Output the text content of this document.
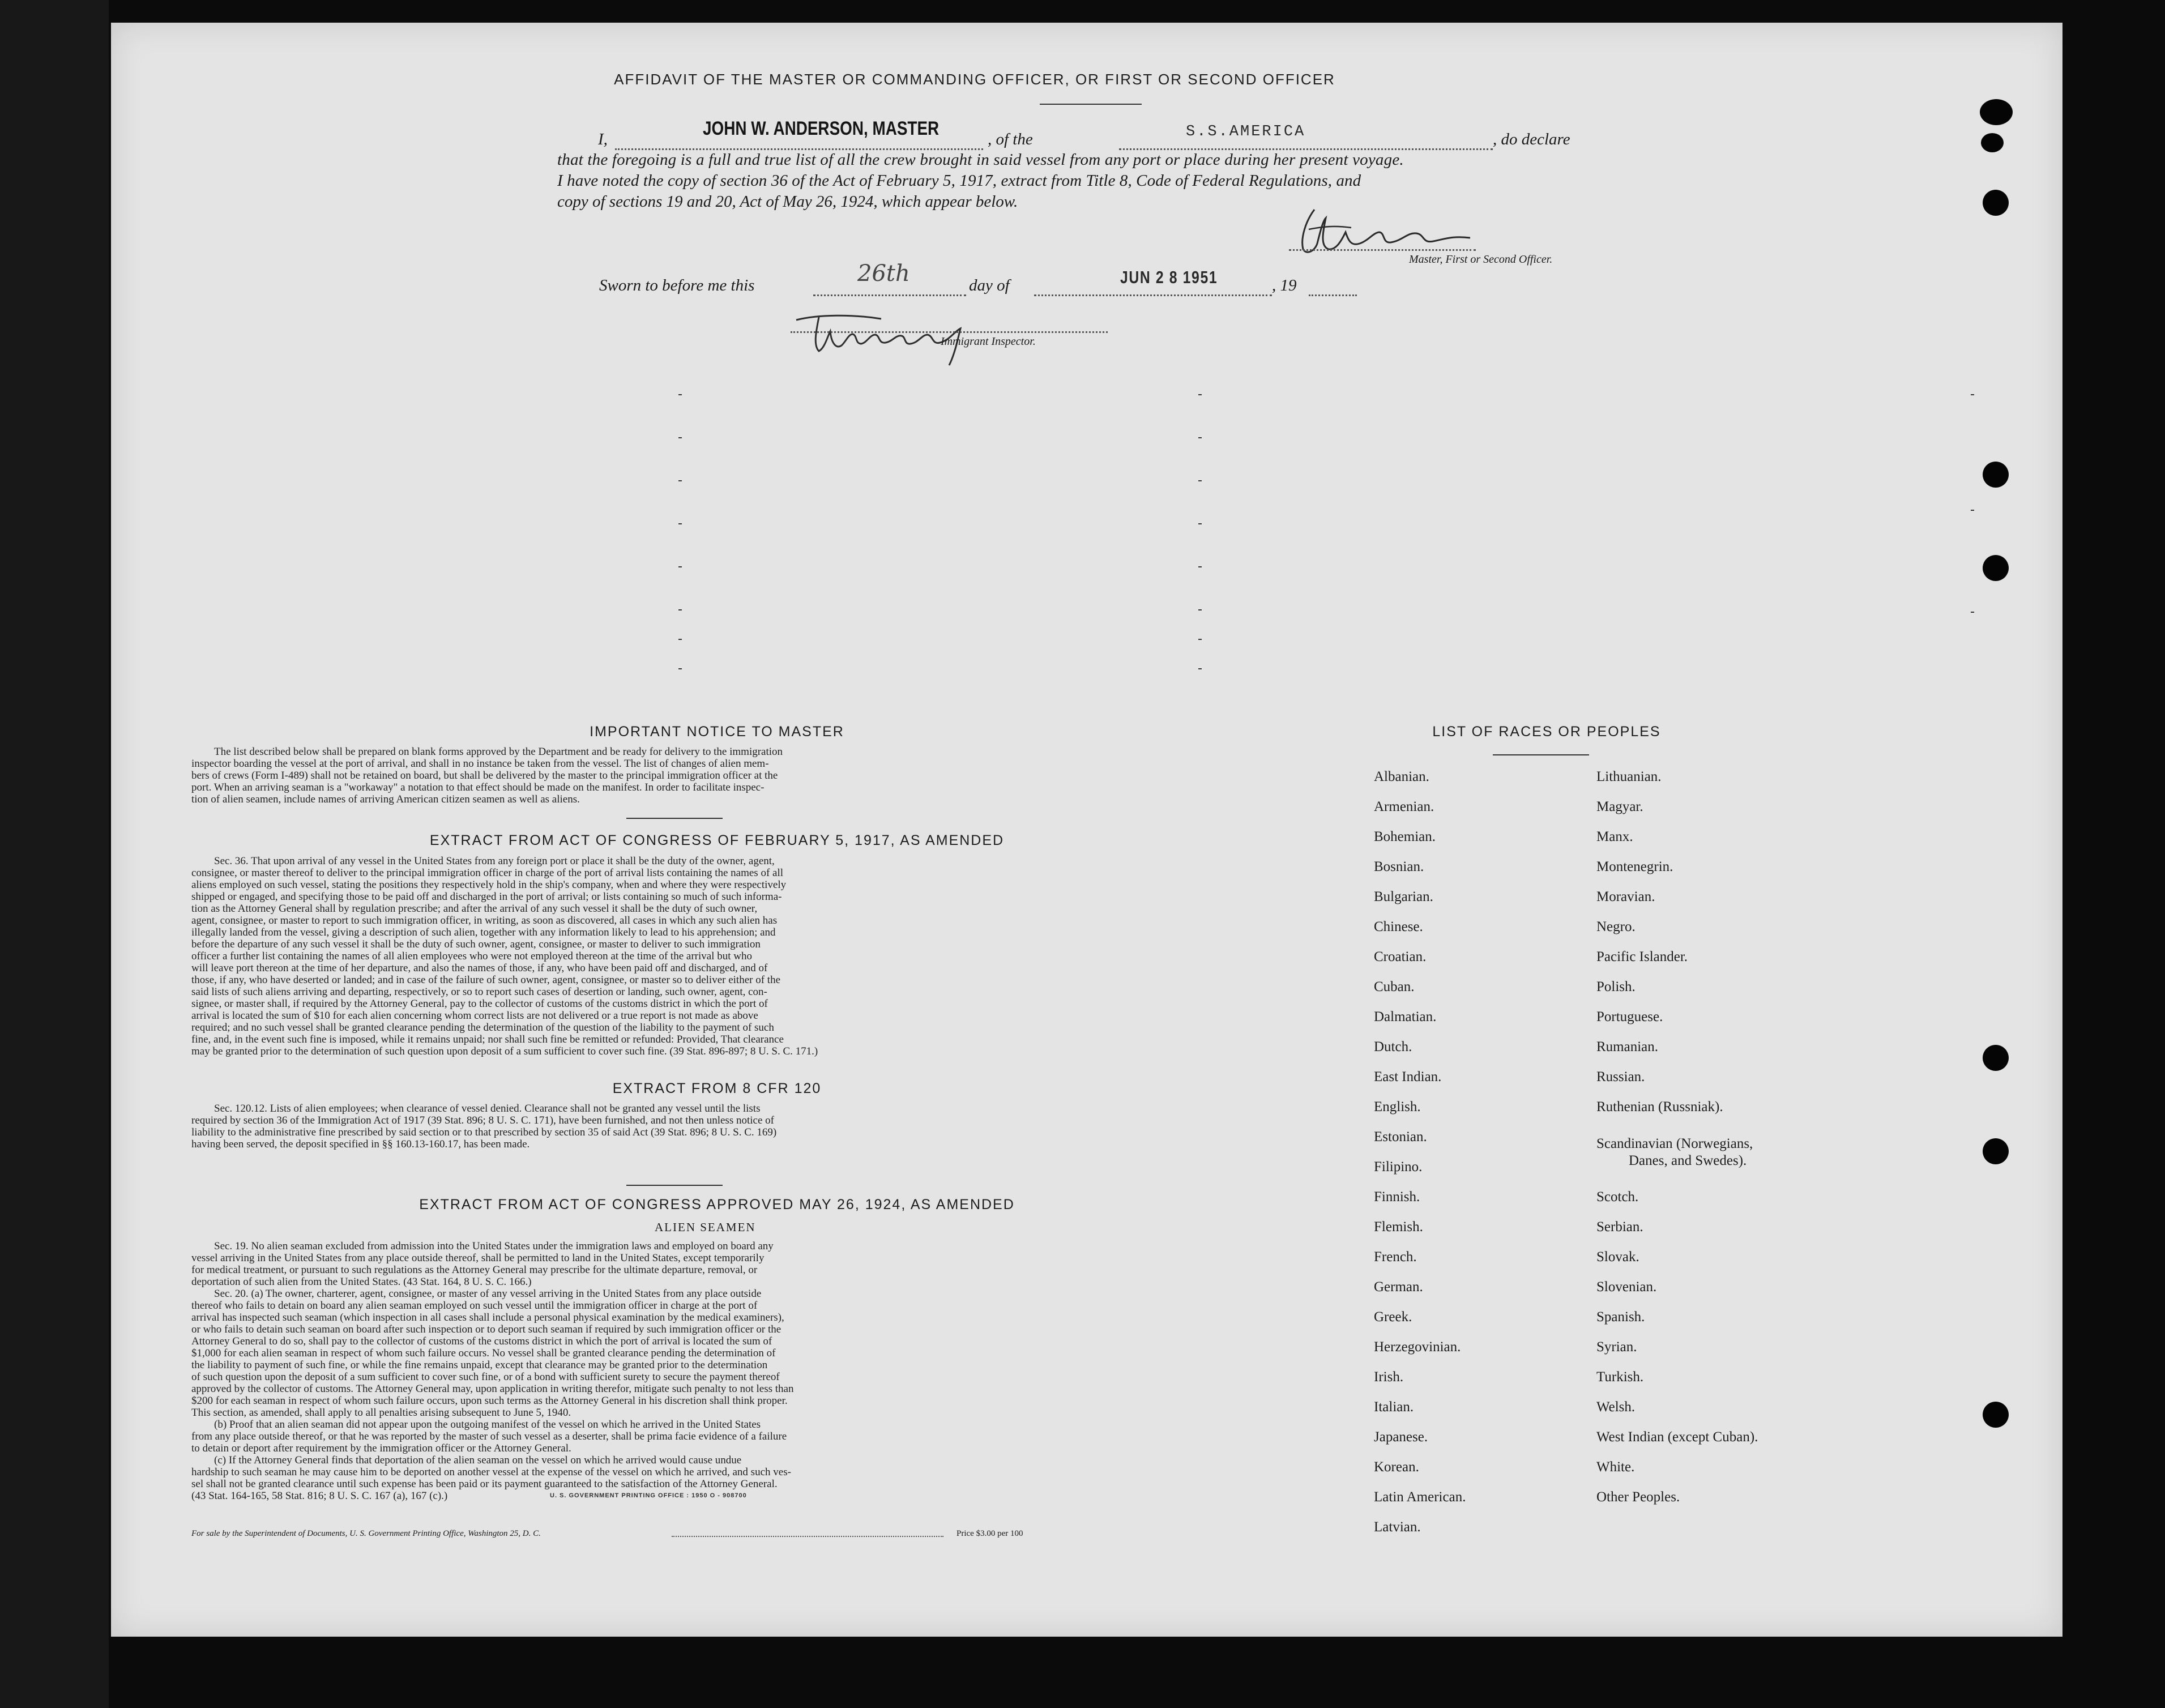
AFFIDAVIT OF THE MASTER OR COMMANDING OFFICER, OR FIRST OR SECOND OFFICER
I,	JOHN W. ANDERSON, MASTER	, of the	S.S.AMERICA	, do declare
that the foregoing is a full and true list of all the crew brought in said vessel from any port or place during her present voyage.
I have noted the copy of section 36 of the Act of February 5, 1917, extract from Title 8, Code of Federal Regulations, and
copy of sections 19 and 20, Act of May 26, 1924, which appear below.
Master, First or Second Officer.
Sworn to before me this	26th	day of	JUN 2 8 1951	, 19
Immigrant Inspector.
IMPORTANT NOTICE TO MASTER
The list described below shall be prepared on blank forms approved by the Department and be ready for delivery to the immigration
inspector boarding the vessel at the port of arrival, and shall in no instance be taken from the vessel. The list of changes of alien mem-
bers of crews (Form I-489) shall not be retained on board, but shall be delivered by the master to the principal immigration officer at the
port. When an arriving seaman is a "workaway" a notation to that effect should be made on the manifest. In order to facilitate inspec-
tion of alien seamen, include names of arriving American citizen seamen as well as aliens.
EXTRACT FROM ACT OF CONGRESS OF FEBRUARY 5, 1917, AS AMENDED
Sec. 36. That upon arrival of any vessel in the United States from any foreign port or place it shall be the duty of the owner, agent,
consignee, or master thereof to deliver to the principal immigration officer in charge of the port of arrival lists containing the names of all
aliens employed on such vessel, stating the positions they respectively hold in the ship's company, when and where they were respectively
shipped or engaged, and specifying those to be paid off and discharged in the port of arrival; or lists containing so much of such informa-
tion as the Attorney General shall by regulation prescribe; and after the arrival of any such vessel it shall be the duty of such owner,
agent, consignee, or master to report to such immigration officer, in writing, as soon as discovered, all cases in which any such alien has
illegally landed from the vessel, giving a description of such alien, together with any information likely to lead to his apprehension; and
before the departure of any such vessel it shall be the duty of such owner, agent, consignee, or master to deliver to such immigration
officer a further list containing the names of all alien employees who were not employed thereon at the time of the arrival but who
will leave port thereon at the time of her departure, and also the names of those, if any, who have been paid off and discharged, and of
those, if any, who have deserted or landed; and in case of the failure of such owner, agent, consignee, or master so to deliver either of the
said lists of such aliens arriving and departing, respectively, or so to report such cases of desertion or landing, such owner, agent, con-
signee, or master shall, if required by the Attorney General, pay to the collector of customs of the customs district in which the port of
arrival is located the sum of $10 for each alien concerning whom correct lists are not delivered or a true report is not made as above
required; and no such vessel shall be granted clearance pending the determination of the question of the liability to the payment of such
fine, and, in the event such fine is imposed, while it remains unpaid; nor shall such fine be remitted or refunded: Provided, That clearance
may be granted prior to the determination of such question upon deposit of a sum sufficient to cover such fine. (39 Stat. 896-897; 8 U. S. C. 171.)
EXTRACT FROM 8 CFR 120
Sec. 120.12. Lists of alien employees; when clearance of vessel denied. Clearance shall not be granted any vessel until the lists
required by section 36 of the Immigration Act of 1917 (39 Stat. 896; 8 U. S. C. 171), have been furnished, and not then unless notice of
liability to the administrative fine prescribed by said section or to that prescribed by section 35 of said Act (39 Stat. 896; 8 U. S. C. 169)
having been served, the deposit specified in §§ 160.13-160.17, has been made.
EXTRACT FROM ACT OF CONGRESS APPROVED MAY 26, 1924, AS AMENDED
ALIEN SEAMEN
Sec. 19. No alien seaman excluded from admission into the United States under the immigration laws and employed on board any
vessel arriving in the United States from any place outside thereof, shall be permitted to land in the United States, except temporarily
for medical treatment, or pursuant to such regulations as the Attorney General may prescribe for the ultimate departure, removal, or
deportation of such alien from the United States. (43 Stat. 164, 8 U. S. C. 166.)
Sec. 20. (a) The owner, charterer, agent, consignee, or master of any vessel arriving in the United States from any place outside
thereof who fails to detain on board any alien seaman employed on such vessel until the immigration officer in charge at the port of
arrival has inspected such seaman (which inspection in all cases shall include a personal physical examination by the medical examiners),
or who fails to detain such seaman on board after such inspection or to deport such seaman if required by such immigration officer or the
Attorney General to do so, shall pay to the collector of customs of the customs district in which the port of arrival is located the sum of
$1,000 for each alien seaman in respect of whom such failure occurs. No vessel shall be granted clearance pending the determination of
the liability to payment of such fine, or while the fine remains unpaid, except that clearance may be granted prior to the determination
of such question upon the deposit of a sum sufficient to cover such fine, or of a bond with sufficient surety to secure the payment thereof
approved by the collector of customs. The Attorney General may, upon application in writing therefor, mitigate such penalty to not less than
$200 for each seaman in respect of whom such failure occurs, upon such terms as the Attorney General in his discretion shall think proper.
This section, as amended, shall apply to all penalties arising subsequent to June 5, 1940.
(b) Proof that an alien seaman did not appear upon the outgoing manifest of the vessel on which he arrived in the United States
from any place outside thereof, or that he was reported by the master of such vessel as a deserter, shall be prima facie evidence of a failure
to detain or deport after requirement by the immigration officer or the Attorney General.
(c) If the Attorney General finds that deportation of the alien seaman on the vessel on which he arrived would cause undue
hardship to such seaman he may cause him to be deported on another vessel at the expense of the vessel on which he arrived, and such ves-
sel shall not be granted clearance until such expense has been paid or its payment guaranteed to the satisfaction of the Attorney General.
(43 Stat. 164-165, 58 Stat. 816; 8 U. S. C. 167 (a), 167 (c).)	U. S. GOVERNMENT PRINTING OFFICE : 1950 O - 908700
For sale by the Superintendent of Documents, U. S. Government Printing Office, Washington 25, D. C.	Price $3.00 per 100
LIST OF RACES OR PEOPLES
Albanian.
Armenian.
Bohemian.
Bosnian.
Bulgarian.
Chinese.
Croatian.
Cuban.
Dalmatian.
Dutch.
East Indian.
English.
Estonian.
Filipino.
Finnish.
Flemish.
French.
German.
Greek.
Herzegovinian.
Irish.
Italian.
Japanese.
Korean.
Latin American.
Latvian.
Lithuanian.
Magyar.
Manx.
Montenegrin.
Moravian.
Negro.
Pacific Islander.
Polish.
Portuguese.
Rumanian.
Russian.
Ruthenian (Russniak).
Scandinavian (Norwegians,
Danes, and Swedes).
Scotch.
Serbian.
Slovak.
Slovenian.
Spanish.
Syrian.
Turkish.
Welsh.
West Indian (except Cuban).
White.
Other Peoples.
